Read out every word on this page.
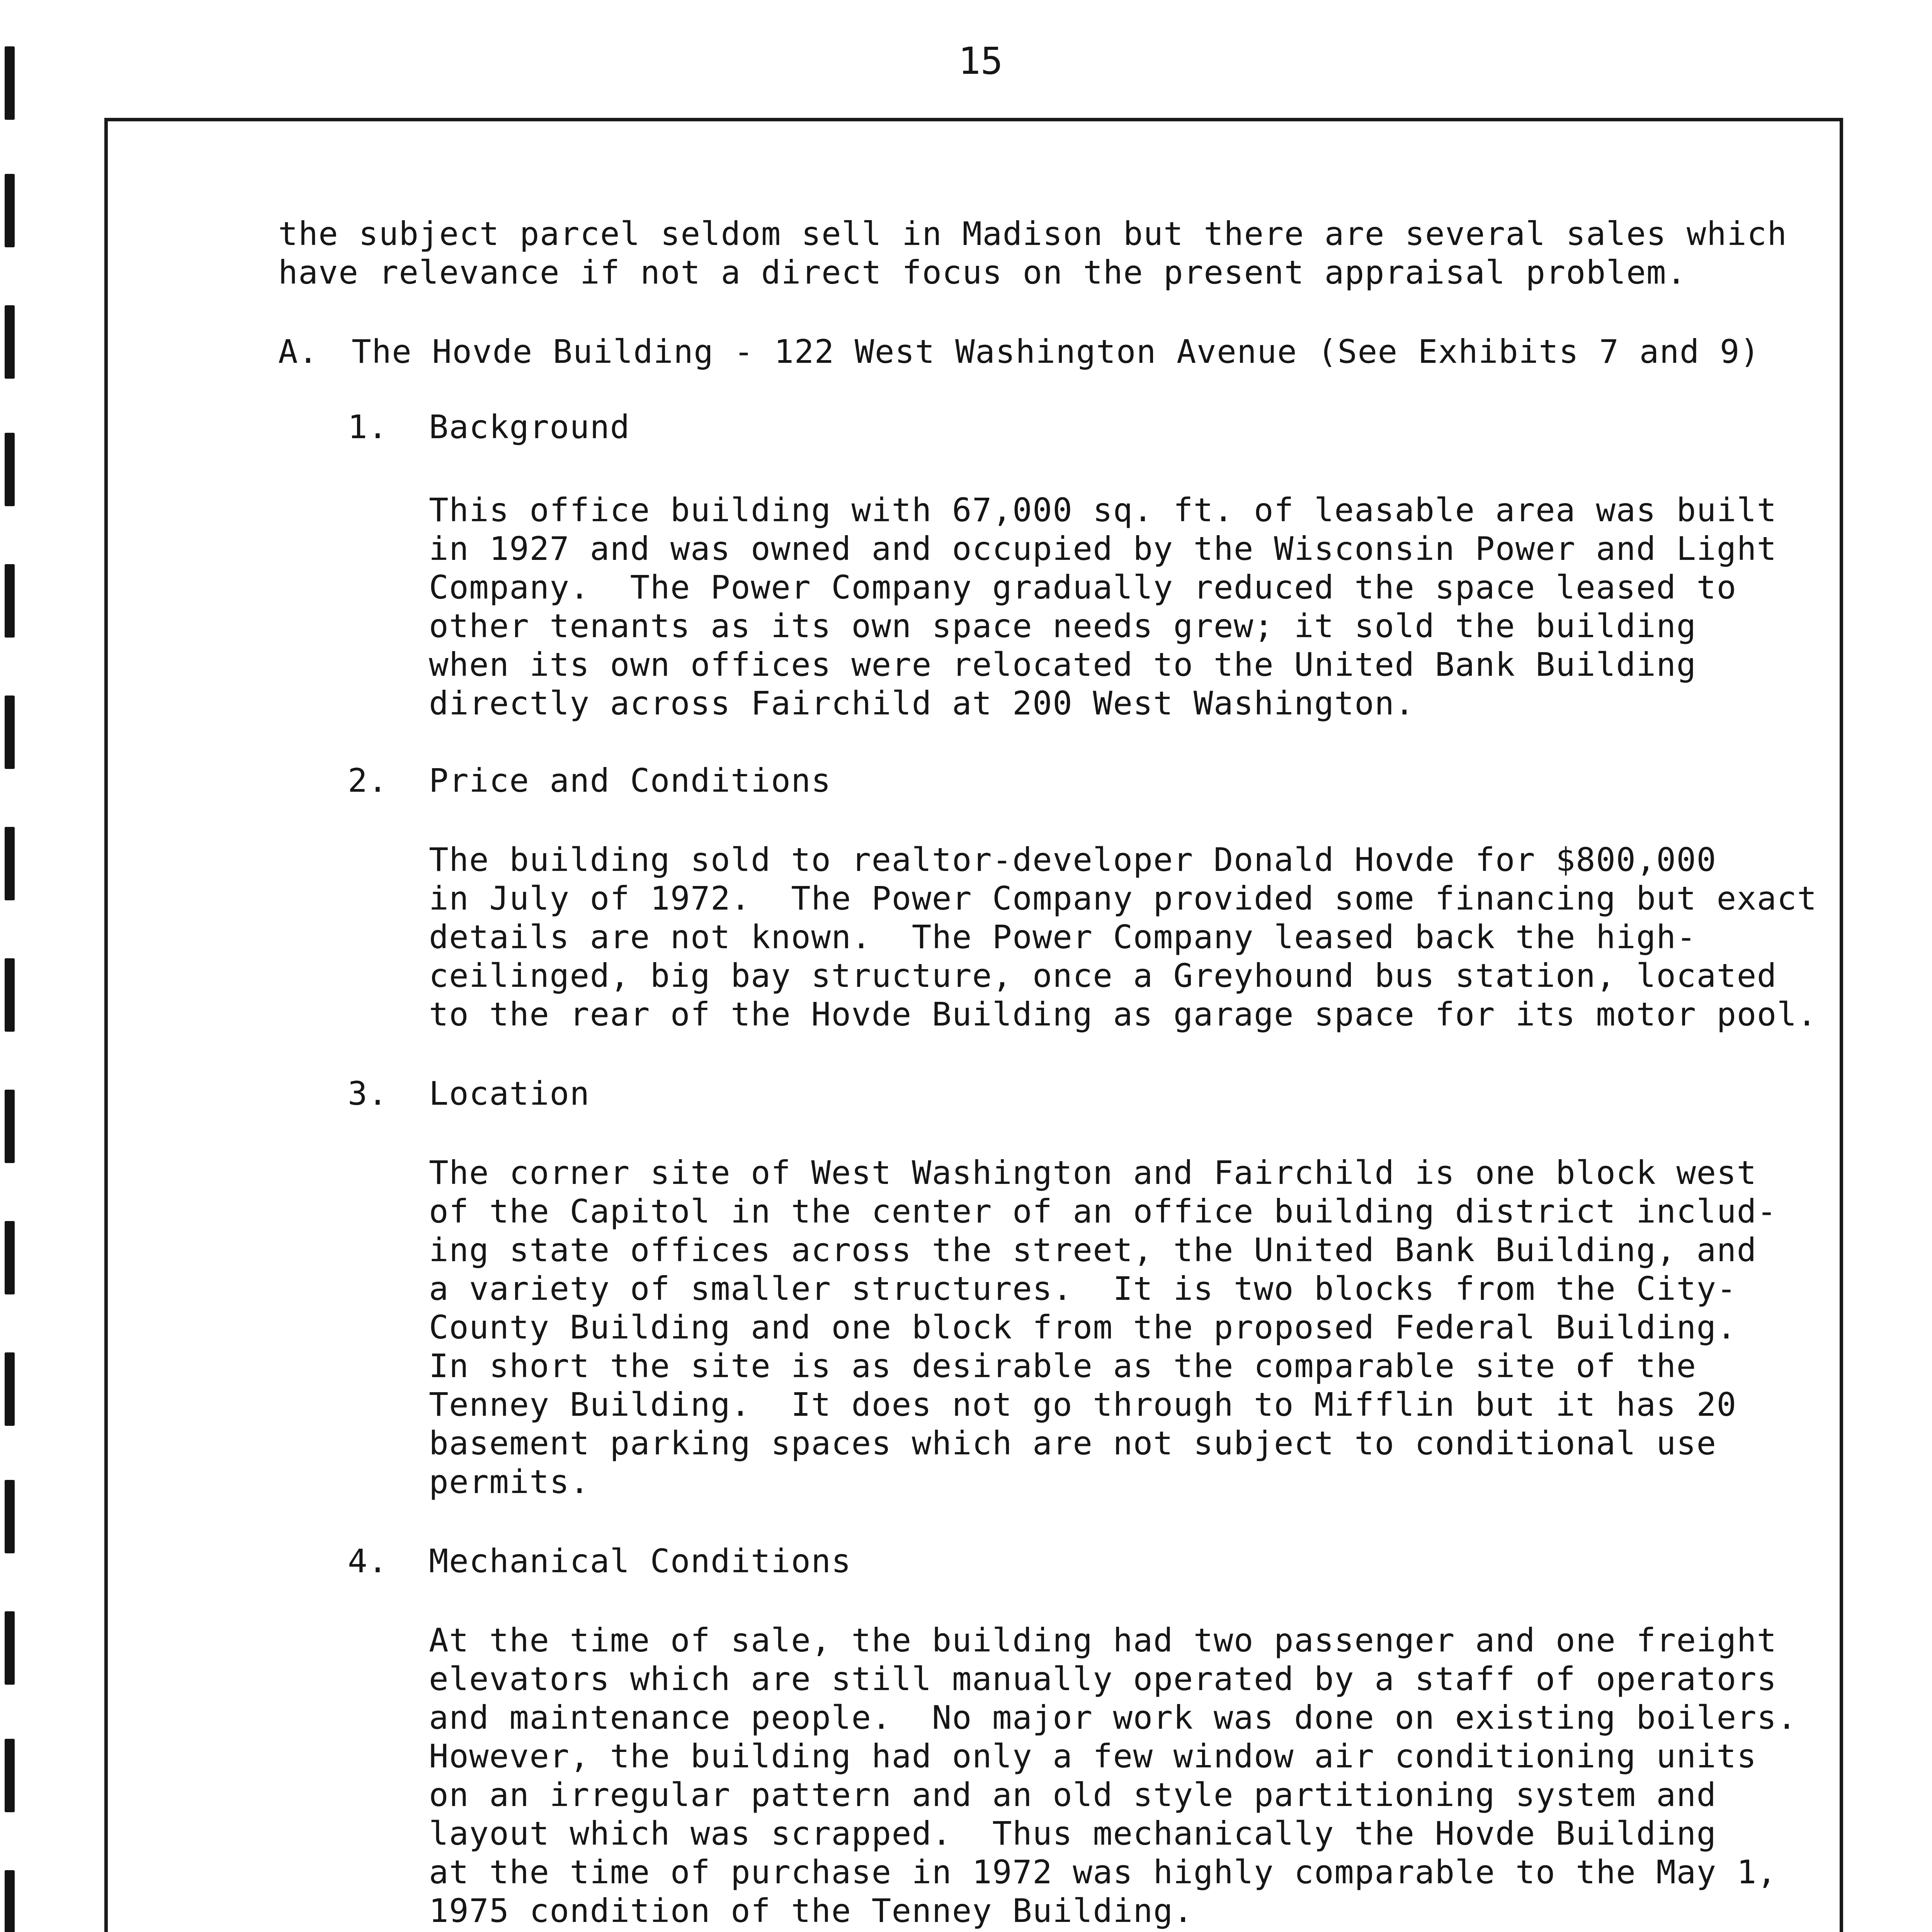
15
the subject parcel seldom sell in Madison but there are several sales which
have relevance if not a direct focus on the present appraisal problem.
A. The Hovde Building - 122 West Washington Avenue (See Exhibits 7 and 9)
1. Background
This office building with 67,000 sq. ft. of leasable area was built
in 1927 and was owned and occupied by the Wisconsin Power and Light
Company.  The Power Company gradually reduced the space leased to
other tenants as its own space needs grew; it sold the building
when its own offices were relocated to the United Bank Building
directly across Fairchild at 200 West Washington.
2. Price and Conditions
The building sold to realtor-developer Donald Hovde for $800,000
in July of 1972.  The Power Company provided some financing but exact
details are not known.  The Power Company leased back the high-
ceilinged, big bay structure, once a Greyhound bus station, located
to the rear of the Hovde Building as garage space for its motor pool.
3. Location
The corner site of West Washington and Fairchild is one block west
of the Capitol in the center of an office building district includ-
ing state offices across the street, the United Bank Building, and
a variety of smaller structures.  It is two blocks from the City-
County Building and one block from the proposed Federal Building.
In short the site is as desirable as the comparable site of the
Tenney Building.  It does not go through to Mifflin but it has 20
basement parking spaces which are not subject to conditional use
permits.
4. Mechanical Conditions
At the time of sale, the building had two passenger and one freight
elevators which are still manually operated by a staff of operators
and maintenance people.  No major work was done on existing boilers.
However, the building had only a few window air conditioning units
on an irregular pattern and an old style partitioning system and
layout which was scrapped.  Thus mechanically the Hovde Building
at the time of purchase in 1972 was highly comparable to the May 1,
1975 condition of the Tenney Building.
